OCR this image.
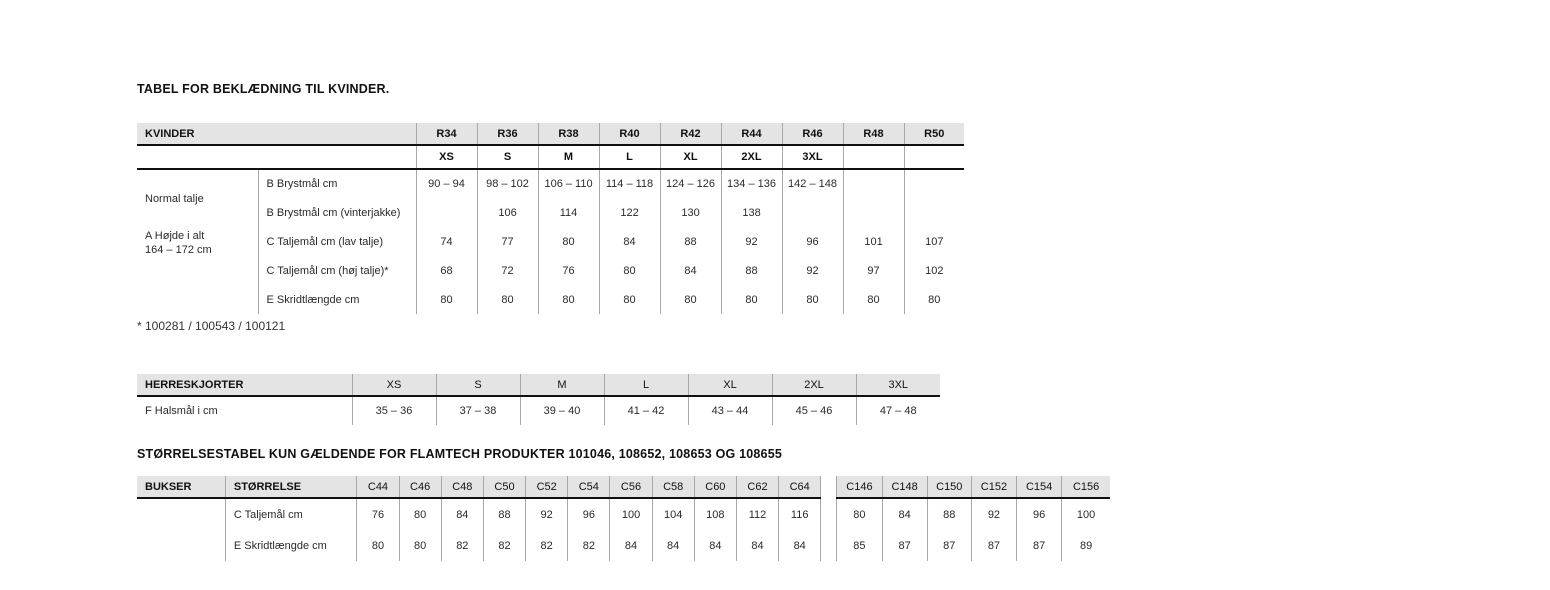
TABEL FOR BEKLÆDNING TIL KVINDER.
KVINDER		R34	R36	R38	R40	R42	R44	R46	R48	R50
		XS	S	M	L	XL	2XL	3XL		
Normal talje	B Brystmål cm	90 – 94	98 – 102	106 – 110	114 – 118	124 – 126	134 – 136	142 – 148		
	B Brystmål cm (vinterjakke)		106	114	122	130	138			

A Højde i alt
164 – 172 cm	C Taljemål cm (lav talje)	74	77	80	84	88	92	96	101	107
	C Taljemål cm (høj talje)*	68	72	76	80	84	88	92	97	102
	E Skridtlængde cm	80	80	80	80	80	80	80	80	80
* 100281 / 100543 / 100121
HERRESKJORTER	XS	S	M	L	XL	2XL	3XL
F Halsmål i cm	35 – 36	37 – 38	39 – 40	41 – 42	43 – 44	45 – 46	47 – 48
STØRRELSESTABEL KUN GÆLDENDE FOR FLAMTECH PRODUKTER 101046, 108652, 108653 OG 108655
BUKSER	STØRRELSE	C44	C46	C48	C50	C52	C54	C56	C58	C60	C62	C64		C146	C148	C150	C152	C154	C156
	C Taljemål cm	76	80	84	88	92	96	100	104	108	112	116		80	84	88	92	96	100
	E Skridtlængde cm	80	80	82	82	82	82	84	84	84	84	84		85	87	87	87	87	89
